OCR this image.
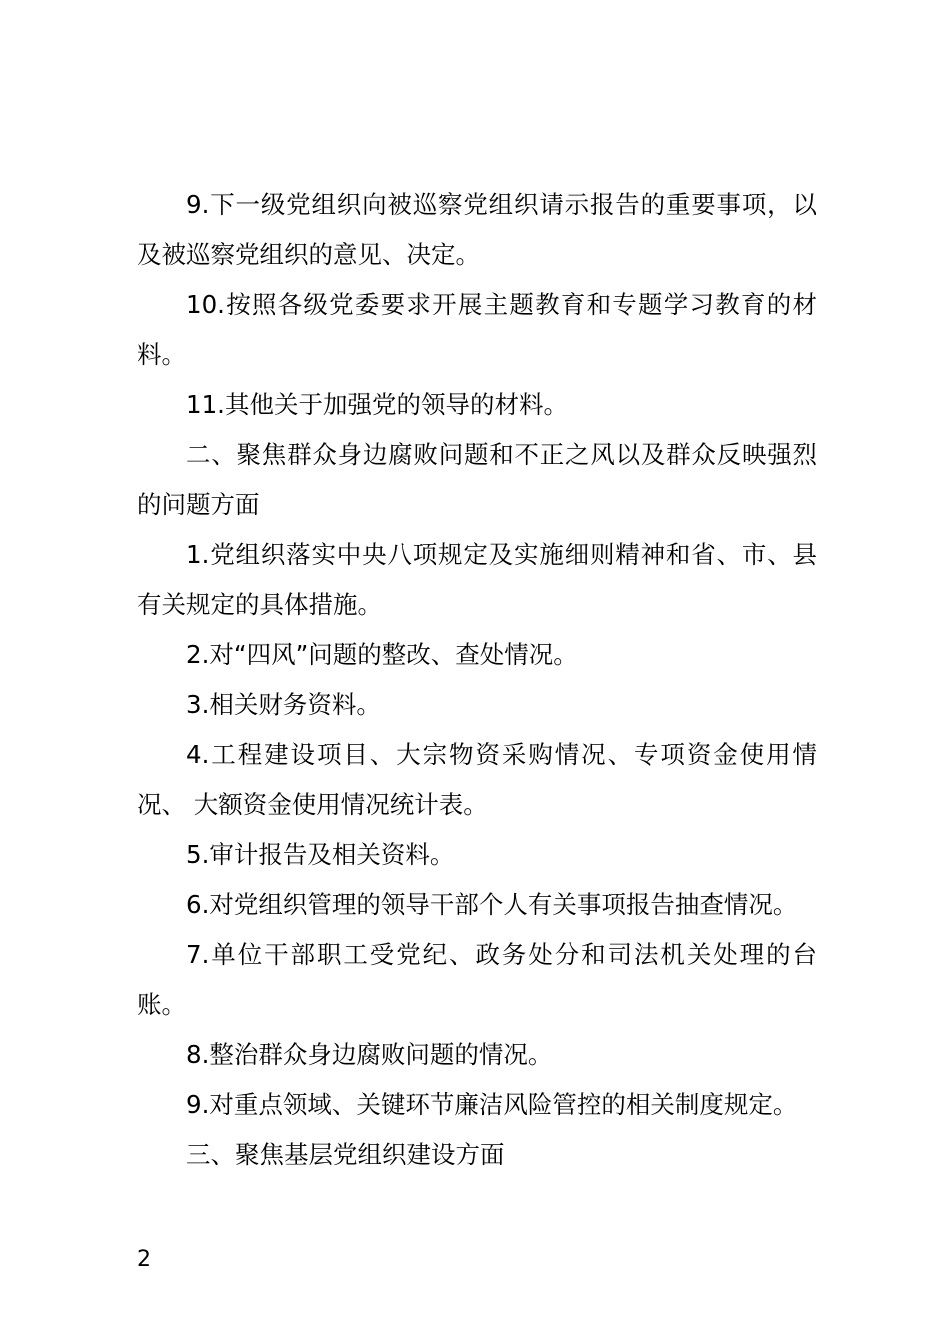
9.下一级党组织向被巡察党组织请示报告的重要事项，以及被巡察党组织的意见、决定。

10.按照各级党委要求开展主题教育和专题学习教育的材料。

11.其他关于加强党的领导的材料。

二、聚焦群众身边腐败问题和不正之风以及群众反映强烈的问题方面

1.党组织落实中央八项规定及实施细则精神和省、市、县有关规定的具体措施。

2.对“四风”问题的整改、查处情况。

3.相关财务资料。

4.工程建设项目、大宗物资采购情况、专项资金使用情况、 大额资金使用情况统计表。

5.审计报告及相关资料。

6.对党组织管理的领导干部个人有关事项报告抽查情况。

7.单位干部职工受党纪、政务处分和司法机关处理的台账。

8.整治群众身边腐败问题的情况。

9.对重点领域、关键环节廉洁风险管控的相关制度规定。

三、聚焦基层党组织建设方面

2
